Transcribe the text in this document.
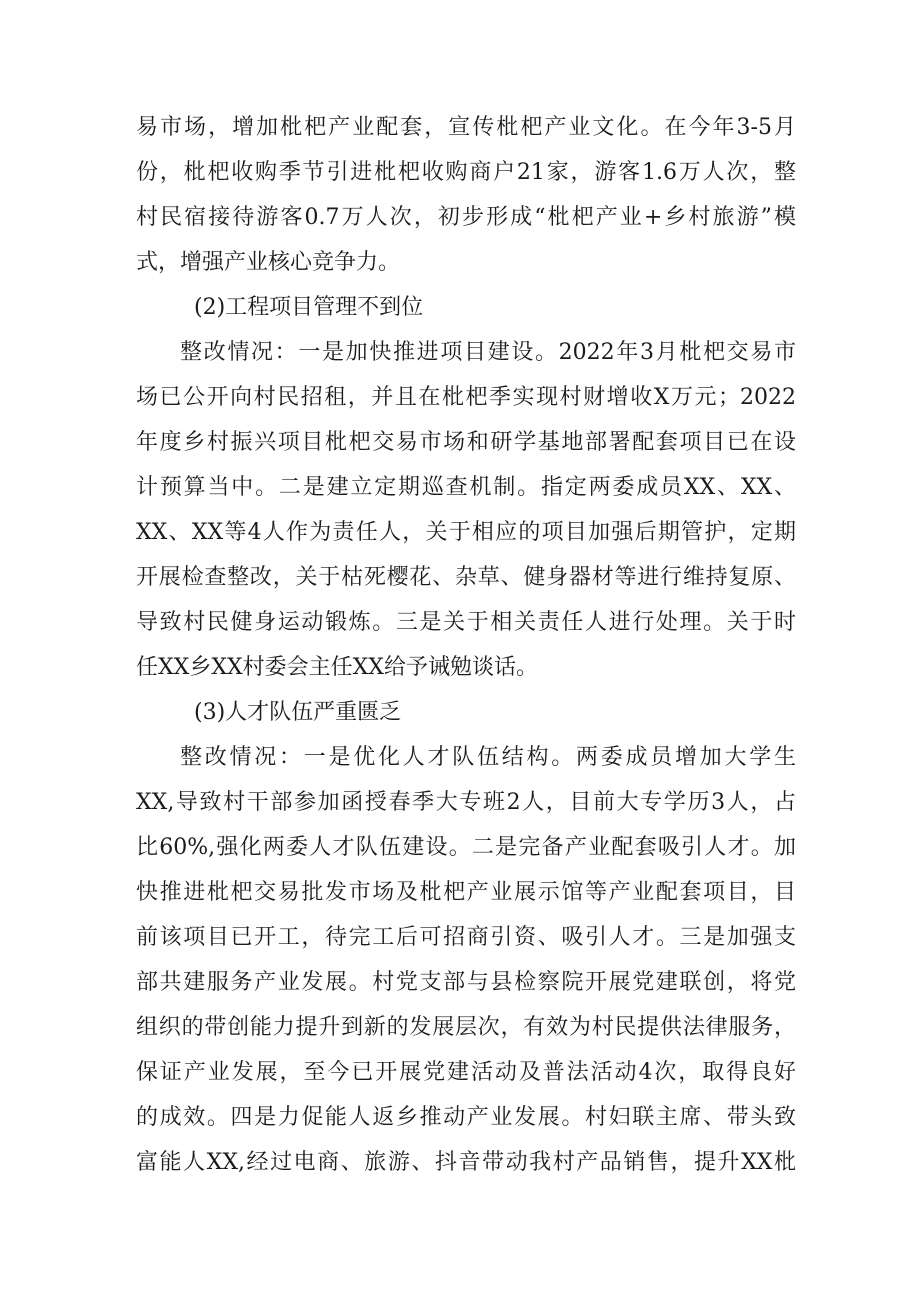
易市场，增加枇杷产业配套，宣传枇杷产业文化。在今年3-5月
份，枇杷收购季节引进枇杷收购商户21家，游客1.6万人次，整
村民宿接待游客0.7万人次，初步形成“枇杷产业+乡村旅游”模
式，增强产业核心竞争力。
(2)工程项目管理不到位
整改情况：一是加快推进项目建设。2022年3月枇杷交易市
场已公开向村民招租，并且在枇杷季实现村财增收X万元；2022
年度乡村振兴项目枇杷交易市场和研学基地部署配套项目已在设
计预算当中。二是建立定期巡查机制。指定两委成员XX、XX、
XX、XX等4人作为责任人，关于相应的项目加强后期管护，定期
开展检查整改，关于枯死樱花、杂草、健身器材等进行维持复原、
导致村民健身运动锻炼。三是关于相关责任人进行处理。关于时
任XX乡XX村委会主任XX给予诫勉谈话。
(3)人才队伍严重匮乏
整改情况：一是优化人才队伍结构。两委成员增加大学生
XX,导致村干部参加函授春季大专班2人，目前大专学历3人，占
比60%,强化两委人才队伍建设。二是完备产业配套吸引人才。加
快推进枇杷交易批发市场及枇杷产业展示馆等产业配套项目，目
前该项目已开工，待完工后可招商引资、吸引人才。三是加强支
部共建服务产业发展。村党支部与县检察院开展党建联创，将党
组织的带创能力提升到新的发展层次，有效为村民提供法律服务，
保证产业发展，至今已开展党建活动及普法活动4次，取得良好
的成效。四是力促能人返乡推动产业发展。村妇联主席、带头致
富能人XX,经过电商、旅游、抖音带动我村产品销售，提升XX枇
